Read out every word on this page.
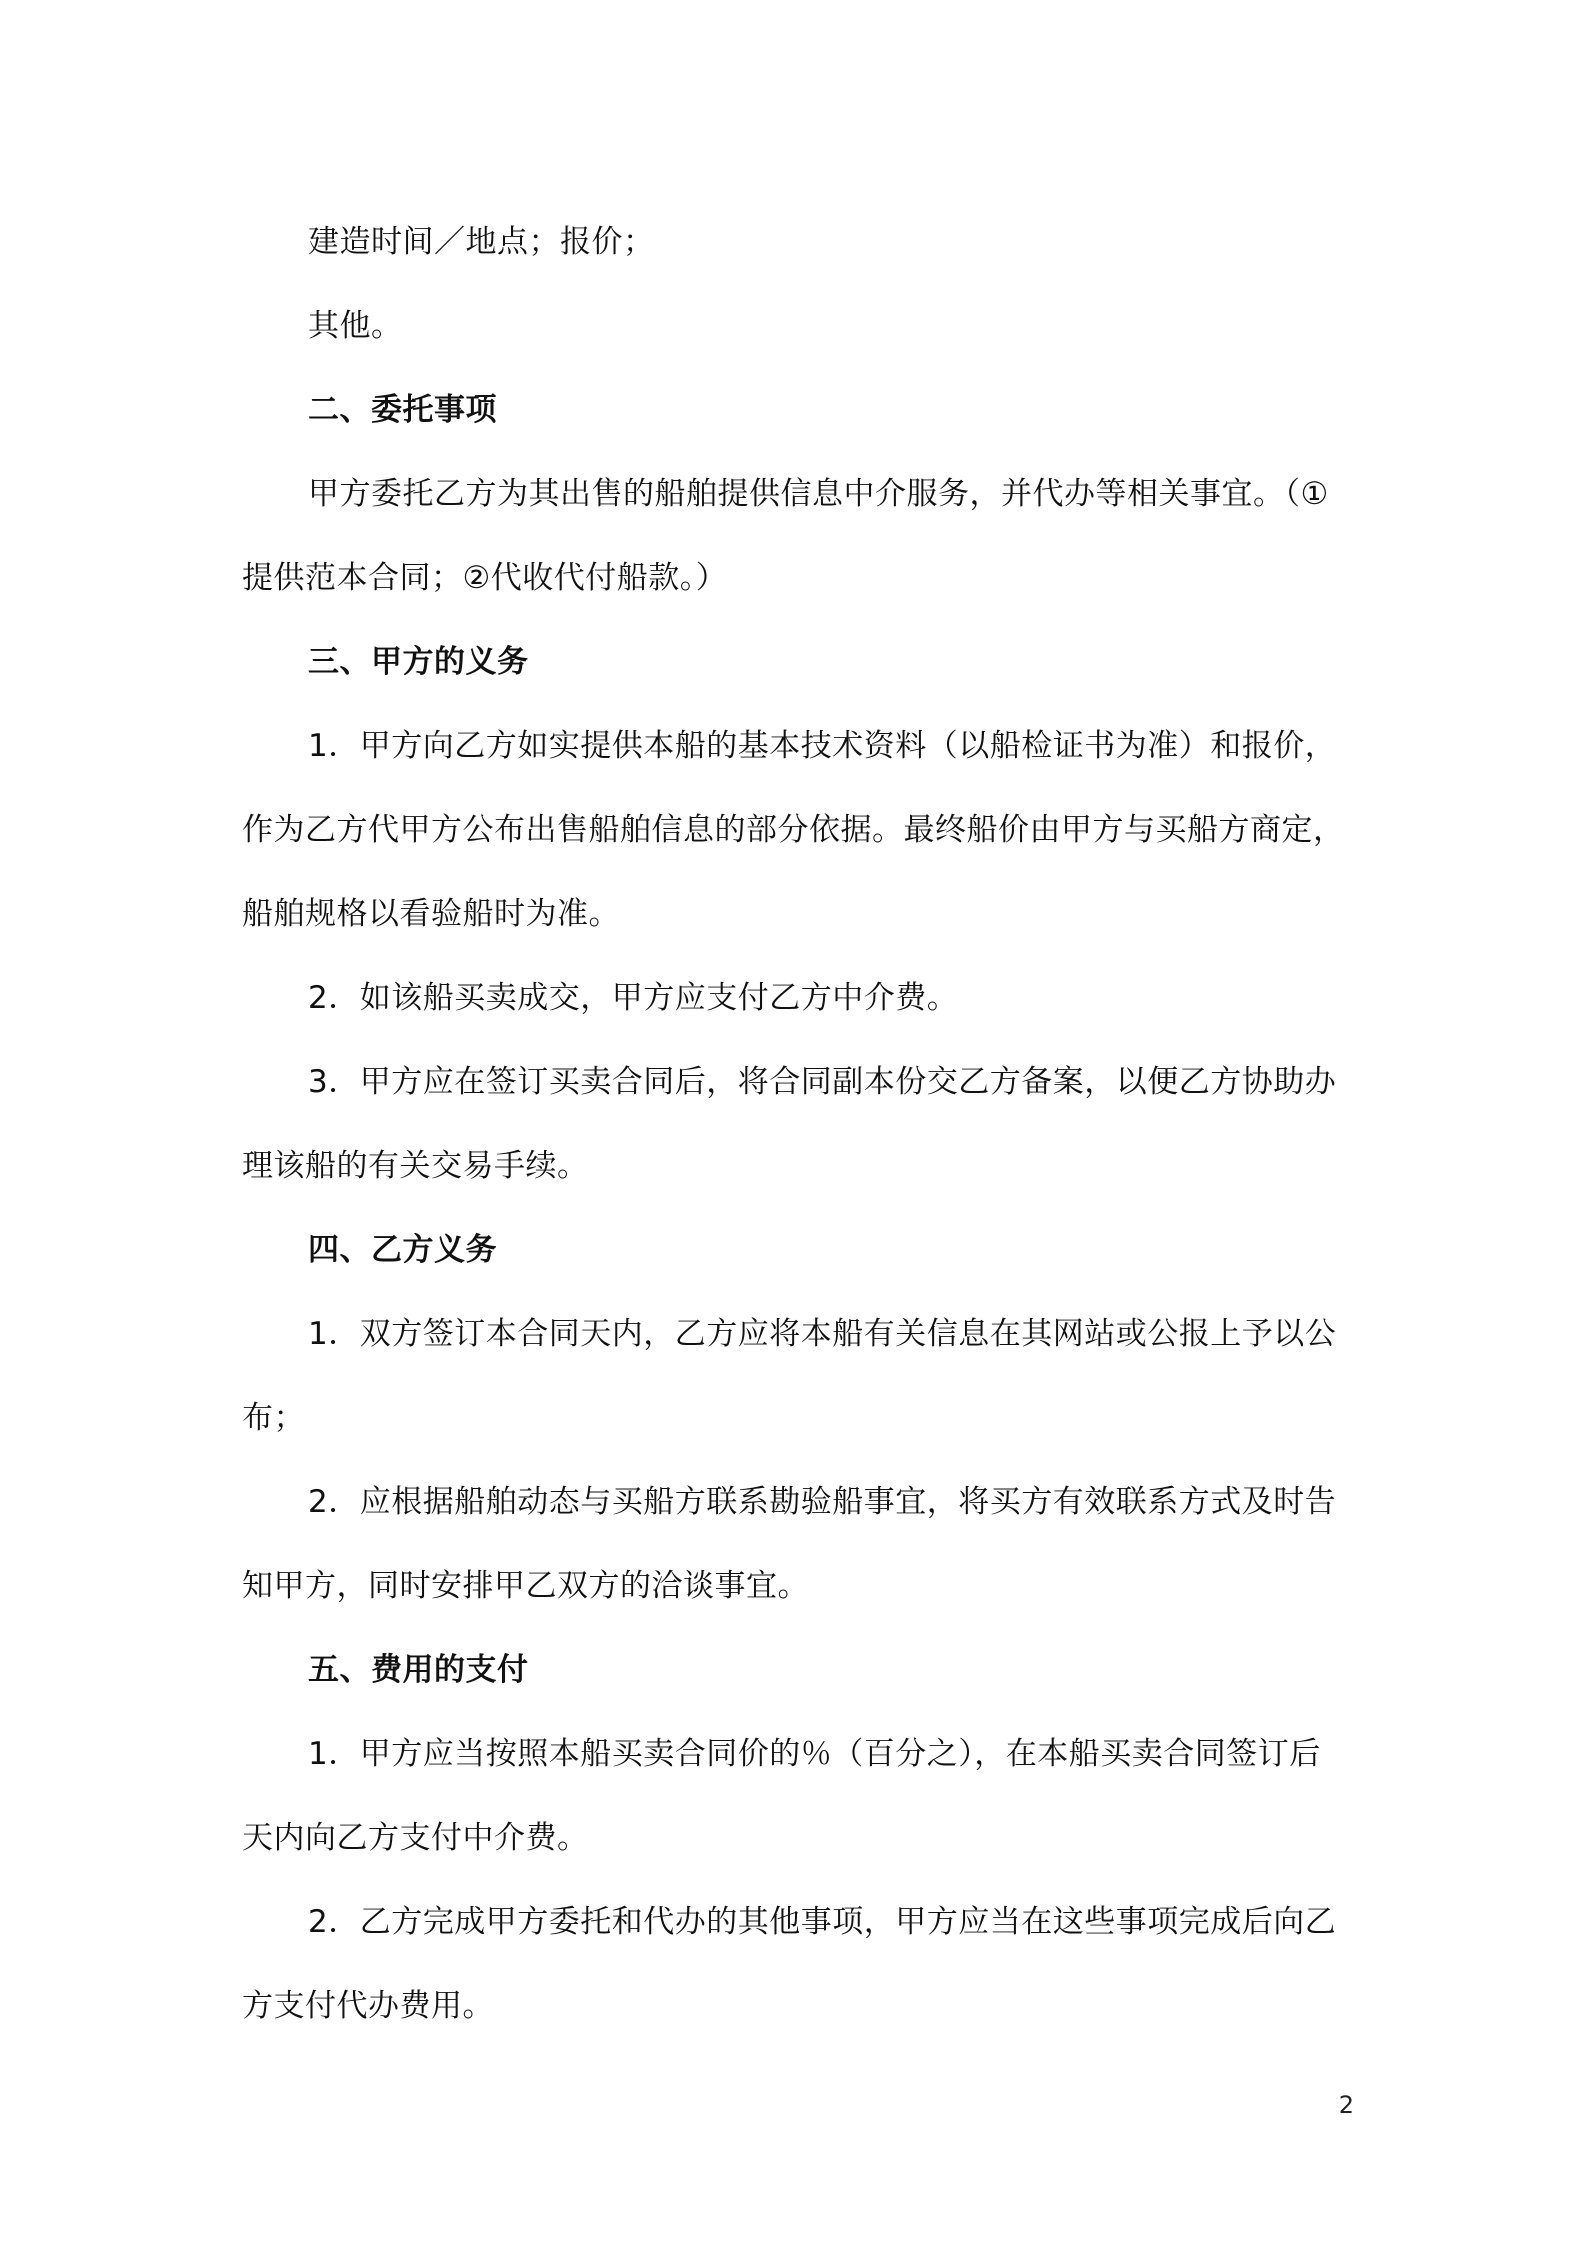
建造时间／地点；报价；

其他。

二、委托事项

甲方委托乙方为其出售的船舶提供信息中介服务，并代办等相关事宜。（①提供范本合同；②代收代付船款。）

三、甲方的义务

1．甲方向乙方如实提供本船的基本技术资料（以船检证书为准）和报价，作为乙方代甲方公布出售船舶信息的部分依据。最终船价由甲方与买船方商定，船舶规格以看验船时为准。

2．如该船买卖成交，甲方应支付乙方中介费。

3．甲方应在签订买卖合同后，将合同副本份交乙方备案，以便乙方协助办理该船的有关交易手续。

四、乙方义务

1．双方签订本合同天内，乙方应将本船有关信息在其网站或公报上予以公布；

2．应根据船舶动态与买船方联系勘验船事宜，将买方有效联系方式及时告知甲方，同时安排甲乙双方的洽谈事宜。

五、费用的支付

1．甲方应当按照本船买卖合同价的％（百分之），在本船买卖合同签订后天内向乙方支付中介费。

2．乙方完成甲方委托和代办的其他事项，甲方应当在这些事项完成后向乙方支付代办费用。

2
